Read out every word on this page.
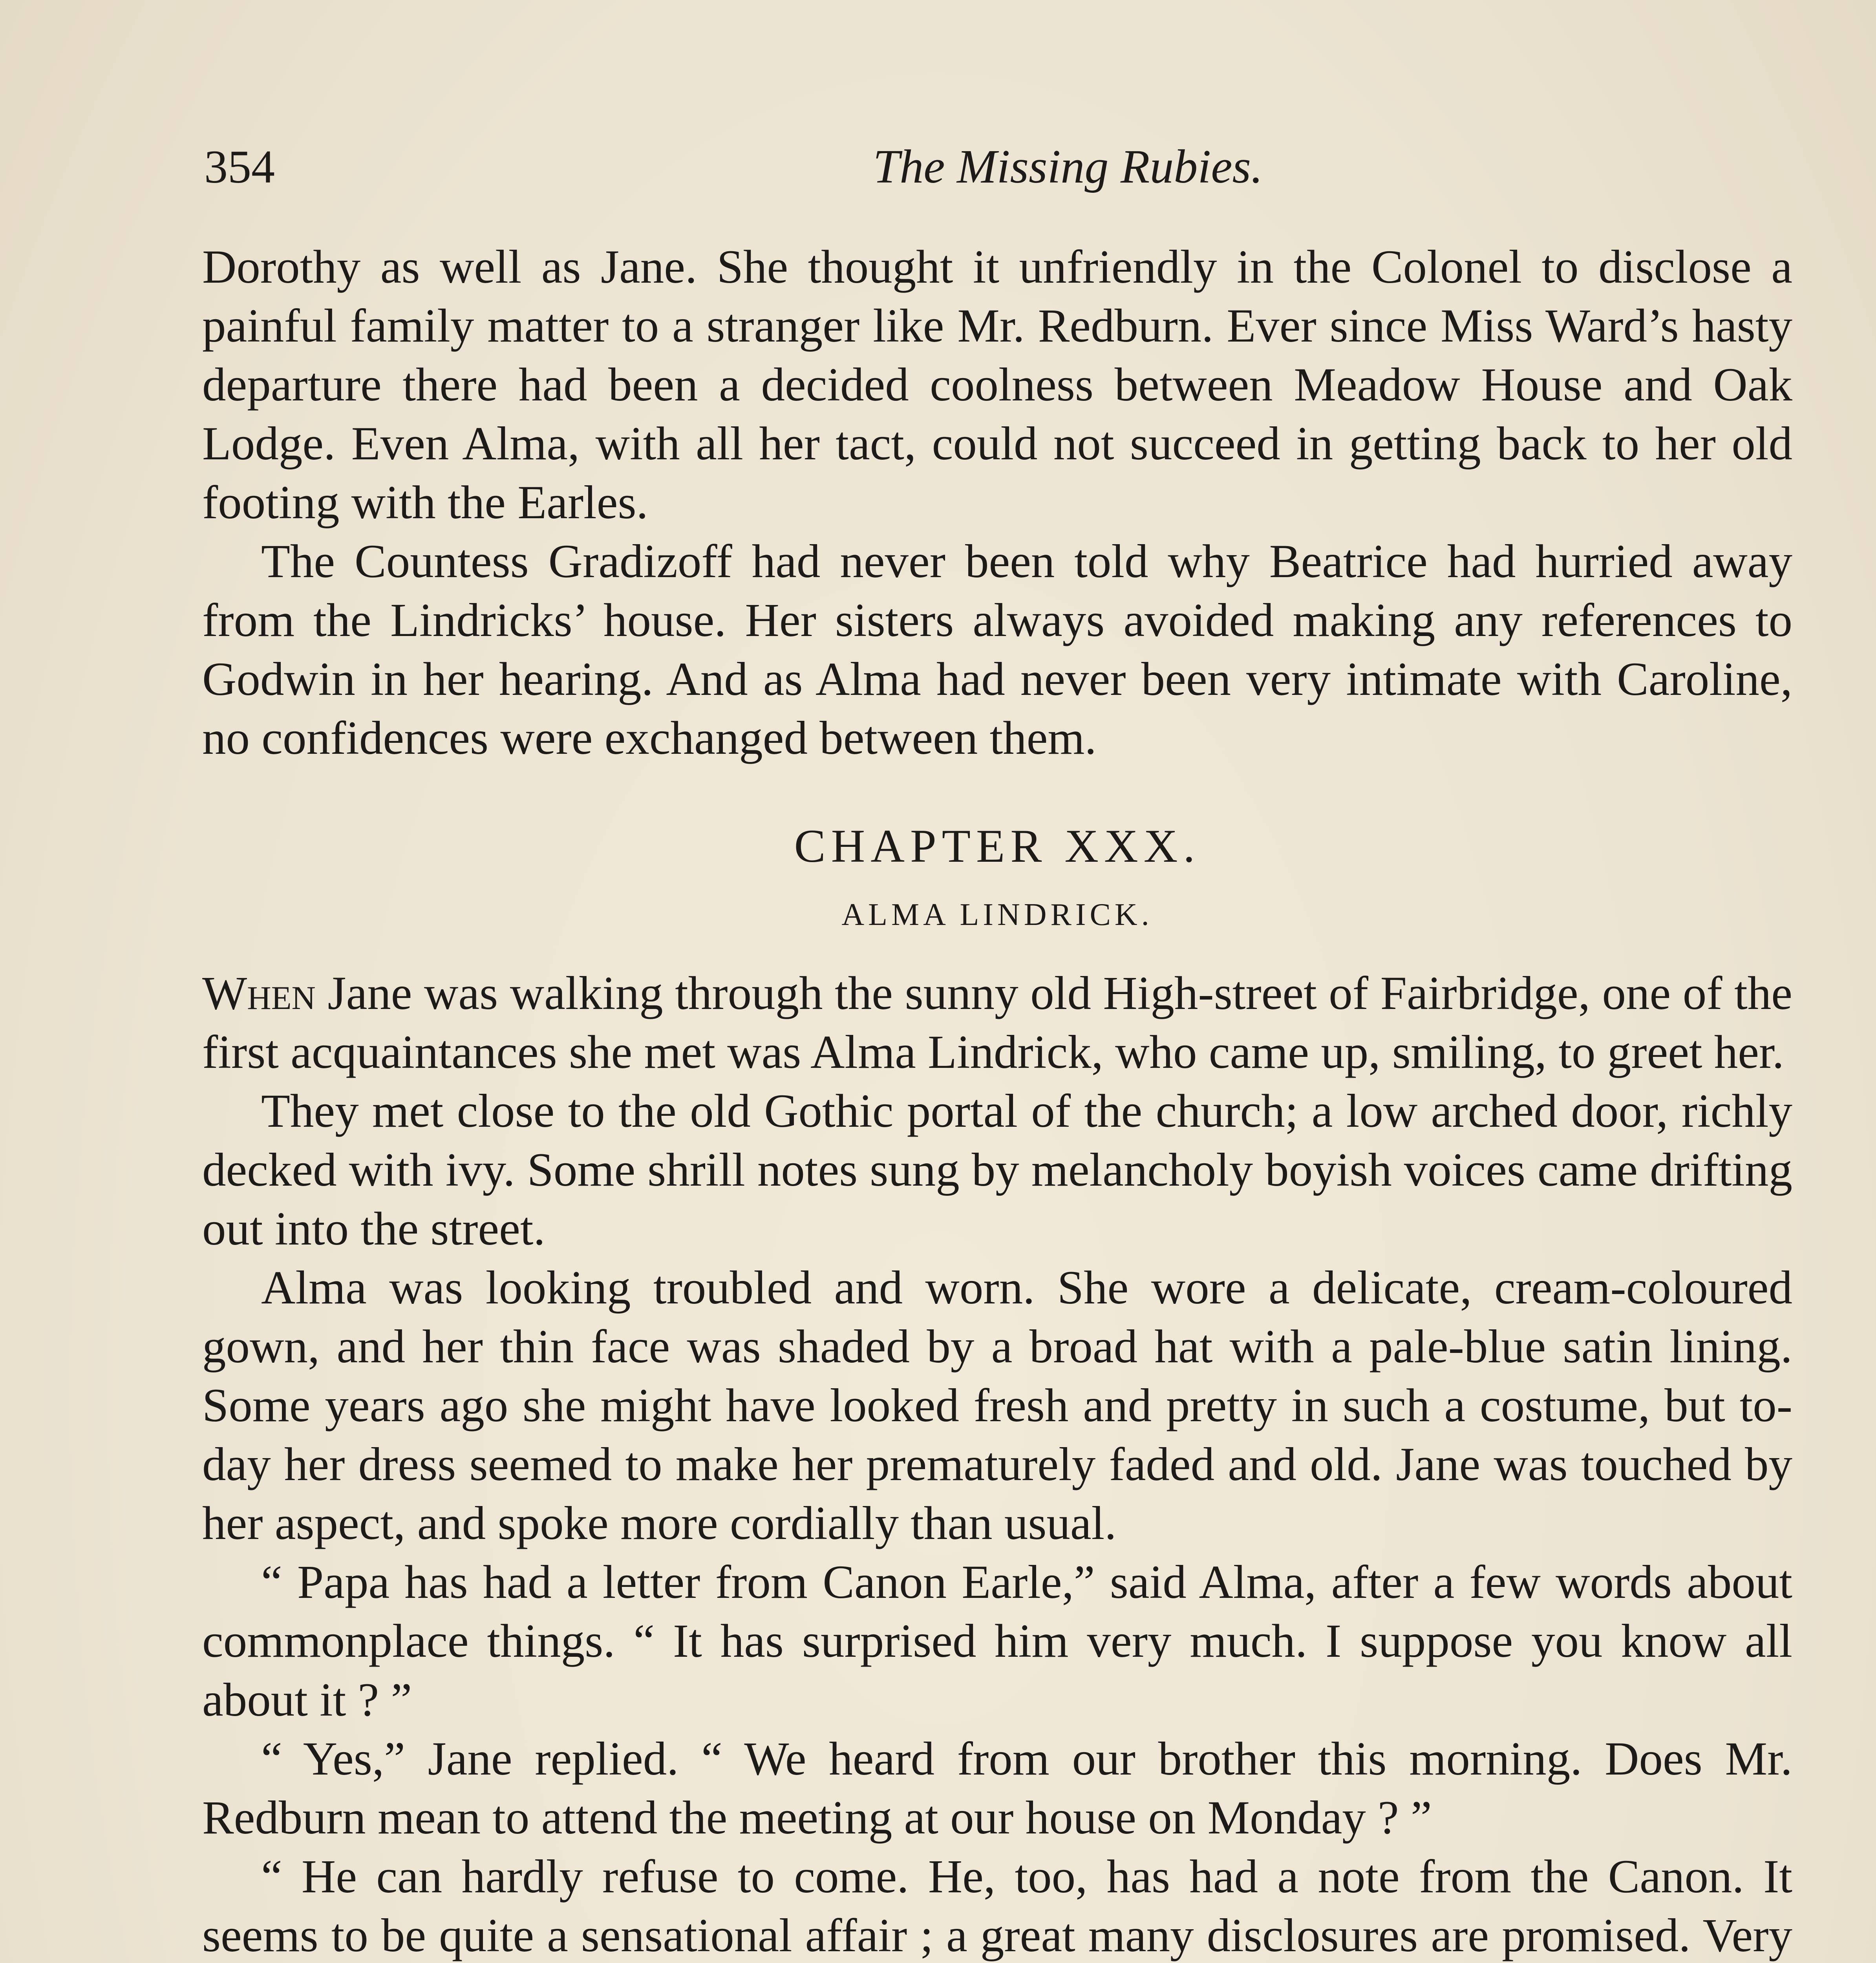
354	The Missing Rubies.

Dorothy as well as Jane. She thought it unfriendly in the Colonel to disclose a painful family matter to a stranger like Mr. Redburn. Ever since Miss Ward’s hasty departure there had been a decided coolness between Meadow House and Oak Lodge. Even Alma, with all her tact, could not succeed in getting back to her old footing with the Earles.

The Countess Gradizoff had never been told why Beatrice had hurried away from the Lindricks’ house. Her sisters always avoided making any references to Godwin in her hearing. And as Alma had never been very intimate with Caroline, no confidences were exchanged between them.

CHAPTER XXX.
ALMA LINDRICK.

When Jane was walking through the sunny old High-street of Fairbridge, one of the first acquaintances she met was Alma Lindrick, who came up, smiling, to greet her.

They met close to the old Gothic portal of the church; a low arched door, richly decked with ivy. Some shrill notes sung by melancholy boyish voices came drifting out into the street.

Alma was looking troubled and worn. She wore a delicate, cream-coloured gown, and her thin face was shaded by a broad hat with a pale-blue satin lining. Some years ago she might have looked fresh and pretty in such a costume, but to-day her dress seemed to make her prematurely faded and old. Jane was touched by her aspect, and spoke more cordially than usual.

“ Papa has had a letter from Canon Earle,” said Alma, after a few words about commonplace things. “ It has surprised him very much. I suppose you know all about it ? ”

“ Yes,” Jane replied. “ We heard from our brother this morning. Does Mr. Redburn mean to attend the meeting at our house on Monday ? ”

“ He can hardly refuse to come. He, too, has had a note from the Canon. It seems to be quite a sensational affair ; a great many disclosures are promised. Very
